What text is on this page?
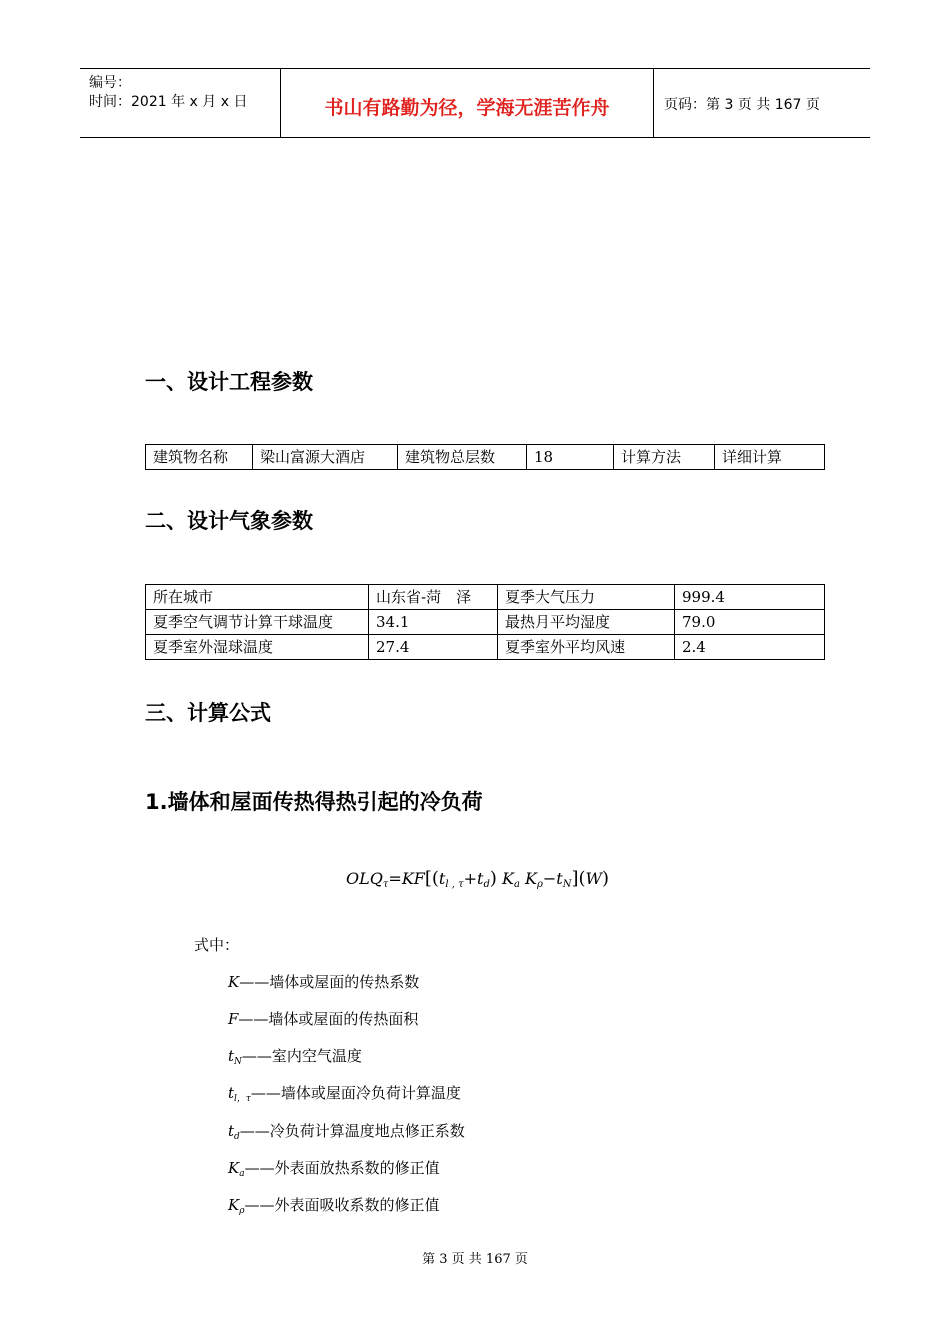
编号：
时间：2021 年 x 月 x 日	书山有路勤为径，学海无涯苦作舟	页码：第 3 页 共 167 页
一、设计工程参数
建筑物名称	梁山富源大酒店	建筑物总层数	18	计算方法	详细计算
二、设计气象参数
所在城市	山东省-菏　泽	夏季大气压力	999.4
夏季空气调节计算干球温度	34.1	最热月平均湿度	79.0
夏季室外湿球温度	27.4	夏季室外平均风速	2.4
三、计算公式
1.墙体和屋面传热得热引起的冷负荷
$OLQ_\tau=KF[(t_{l , \tau}+t_d)$ $K_a$ $K_\rho-t_N](W)$
式中：
K——墙体或屋面的传热系数
F——墙体或屋面的传热面积
$t_N——$室内空气温度
$t_{l,\tau}——$墙体或屋面冷负荷计算温度
$t_d——$冷负荷计算温度地点修正系数
$K_a——$外表面放热系数的修正值
$K_\rho——$外表面吸收系数的修正值
第 3 页 共 167 页
